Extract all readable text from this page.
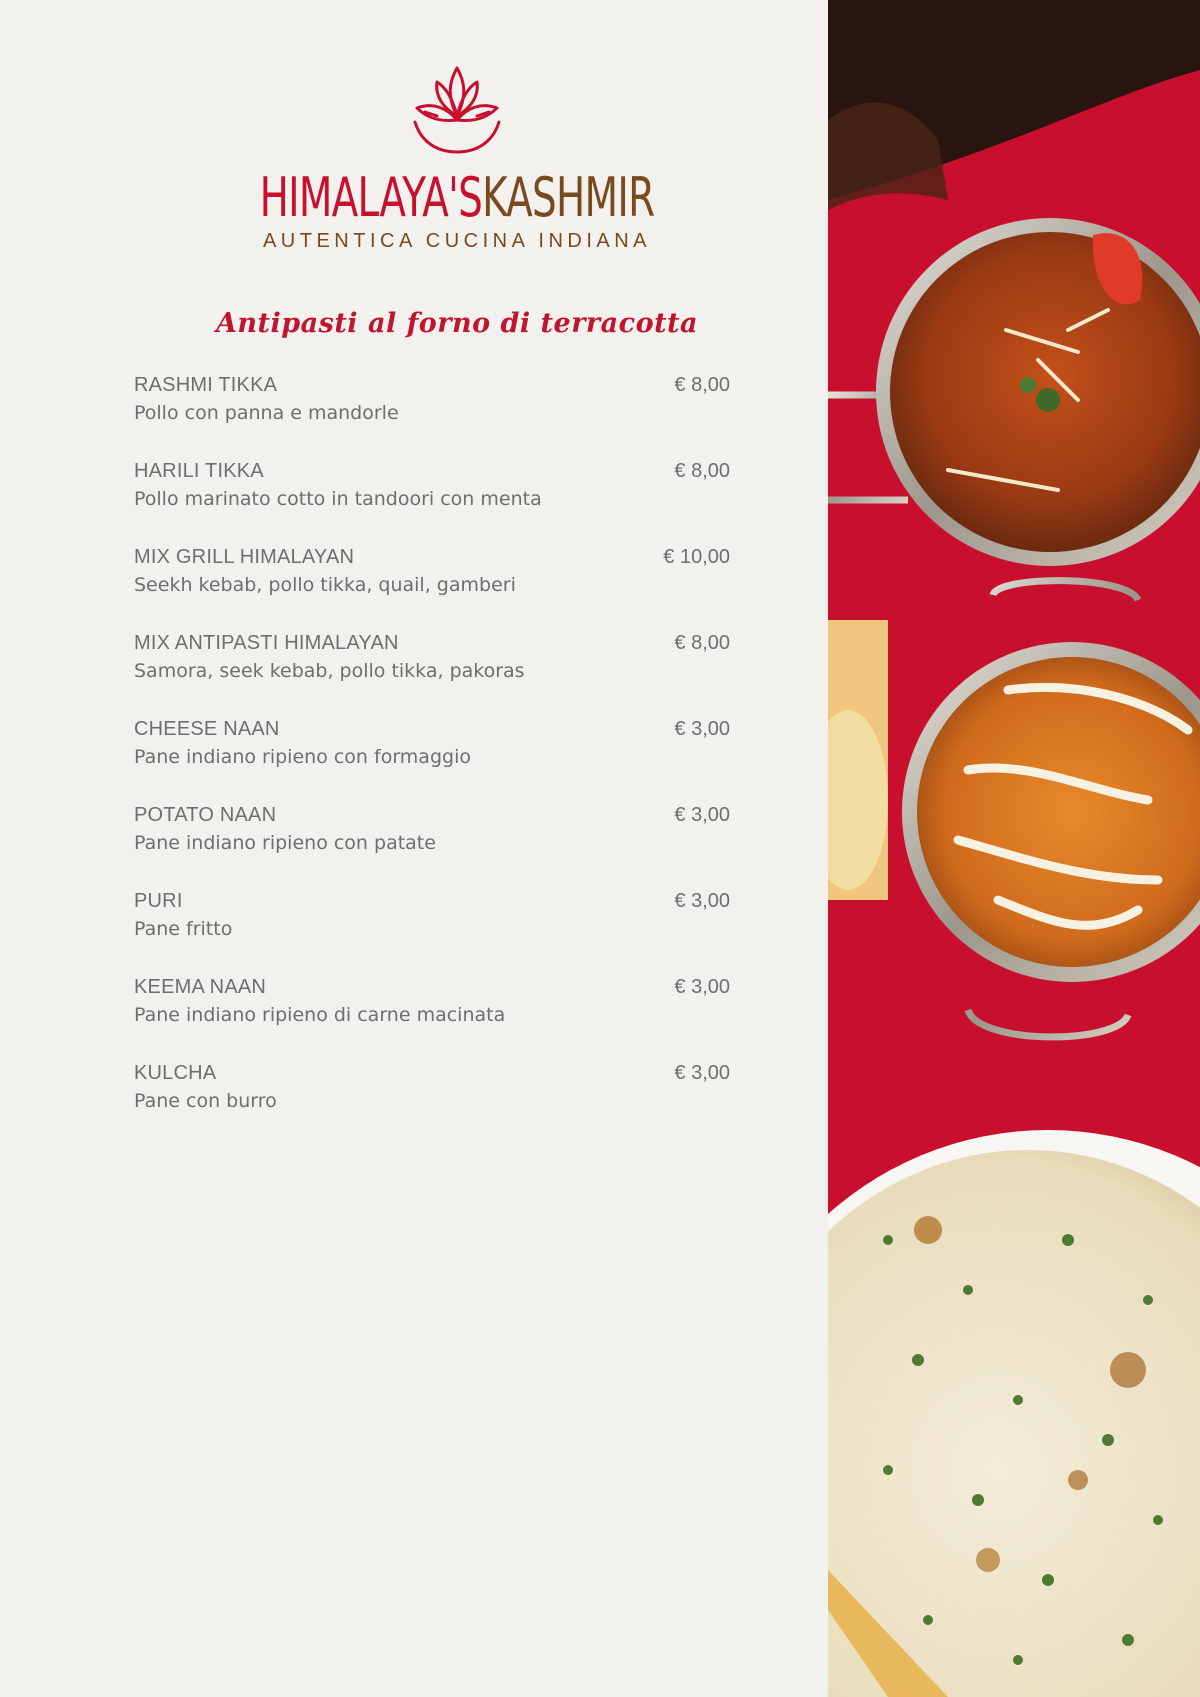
HIMALAYA'SKASHMIR
AUTENTICA CUCINA INDIANA
Antipasti al forno di terracotta
RASHMI TIKKA
Pollo con panna e mandorle
€ 8,00
HARILI TIKKA
Pollo marinato cotto in tandoori con menta
€ 8,00
MIX GRILL HIMALAYAN
Seekh kebab, pollo tikka, quail, gamberi
€ 10,00
MIX ANTIPASTI HIMALAYAN
Samora, seek kebab, pollo tikka, pakoras
€ 8,00
CHEESE NAAN
Pane indiano ripieno con formaggio
€ 3,00
POTATO NAAN
Pane indiano ripieno con patate
€ 3,00
PURI
Pane fritto
€ 3,00
KEEMA NAAN
Pane indiano ripieno di carne macinata
€ 3,00
KULCHA
Pane con burro
€ 3,00
